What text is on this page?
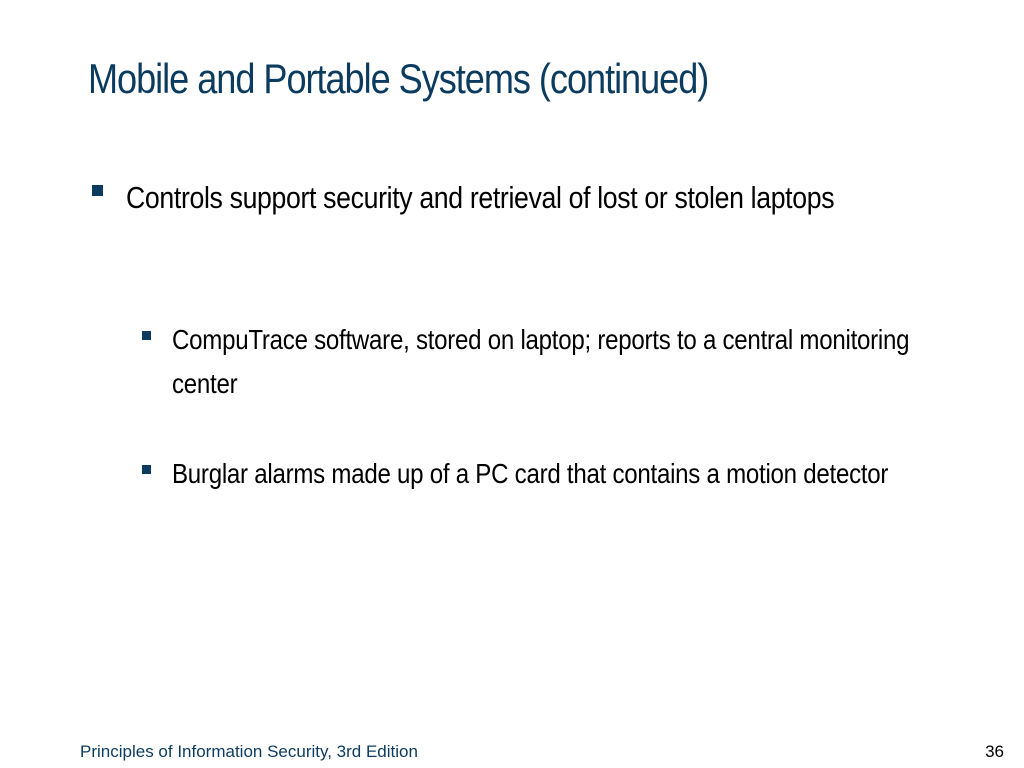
Mobile and Portable Systems (continued)
Controls support security and retrieval of lost or stolen laptops
CompuTrace software, stored on laptop; reports to a central monitoring center
Burglar alarms made up of a PC card that contains a motion detector
Principles of Information Security, 3rd Edition	36
